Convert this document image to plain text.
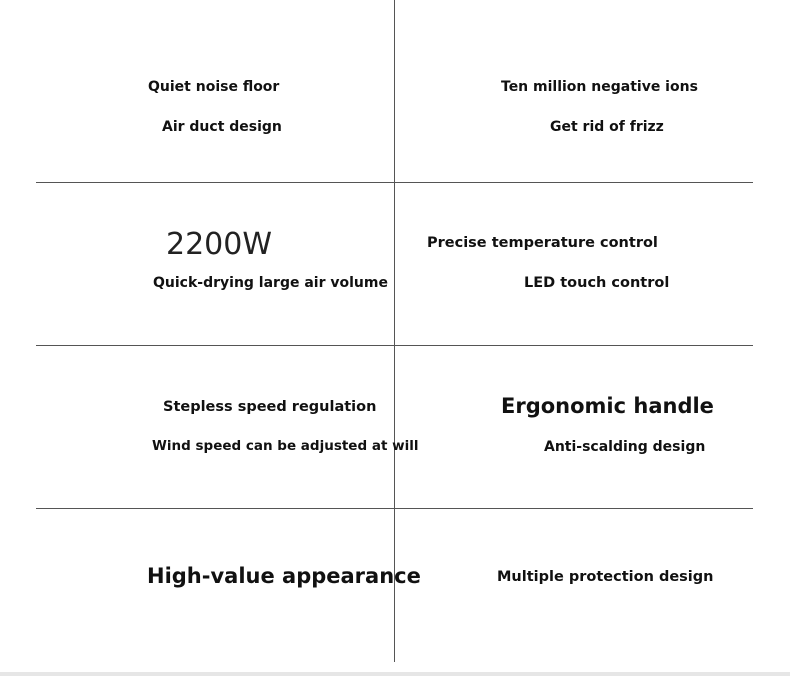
Quiet noise floor
Air duct design
Ten million negative ions
Get rid of frizz
2200W
Quick-drying large air volume
Precise temperature control
LED touch control
Stepless speed regulation
Wind speed can be adjusted at will
Ergonomic handle
Anti-scalding design
High-value appearance	Multiple protection design
